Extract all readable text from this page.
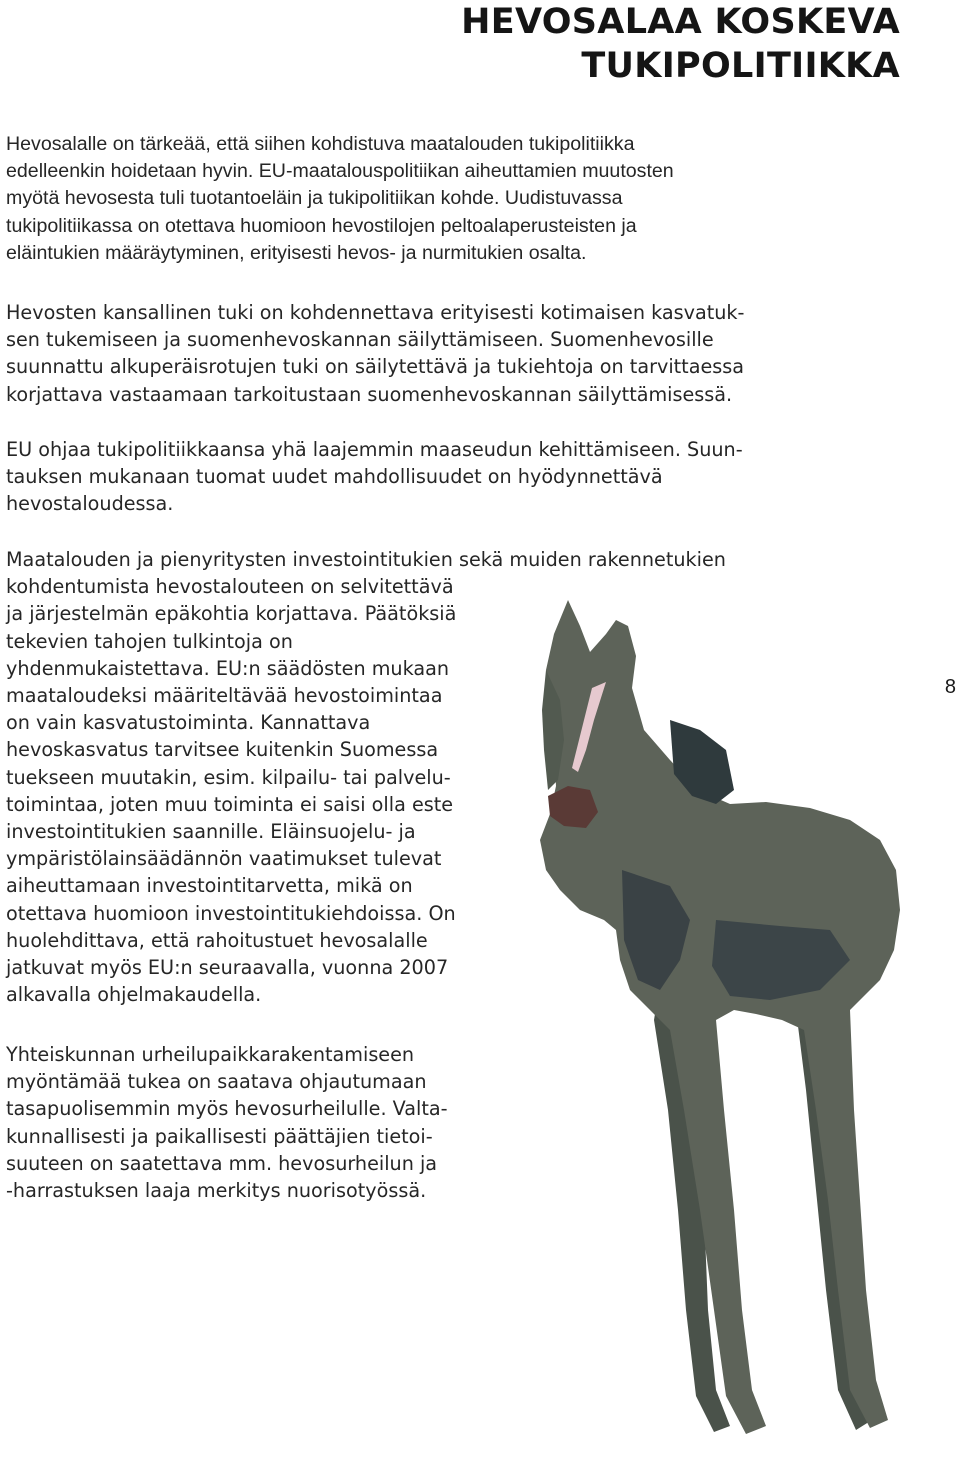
HEVOSALAA KOSKEVA
TUKIPOLITIIKKA
Hevosalalle on tärkeää, että siihen kohdistuva maatalouden tukipolitiikka
edelleenkin hoidetaan hyvin. EU-maatalouspolitiikan aiheuttamien muutosten
myötä hevosesta tuli tuotantoeläin ja tukipolitiikan kohde. Uudistuvassa
tukipolitiikassa on otettava huomioon hevostilojen peltoalaperusteisten ja
eläintukien määräytyminen, erityisesti hevos- ja nurmitukien osalta.
Hevosten kansallinen tuki on kohdennettava erityisesti kotimaisen kasvatuk-
sen tukemiseen ja suomenhevoskannan säilyttämiseen. Suomenhevosille
suunnattu alkuperäisrotujen tuki on säilytettävä ja tukiehtoja on tarvittaessa
korjattava vastaamaan tarkoitustaan suomenhevoskannan säilyttämisessä.
EU ohjaa tukipolitiikkaansa yhä laajemmin maaseudun kehittämiseen. Suun-
tauksen mukanaan tuomat uudet mahdollisuudet on hyödynnettävä
hevostaloudessa.
Maatalouden ja pienyritysten investointitukien sekä muiden rakennetukien
kohdentumista hevostalouteen on selvitettävä
ja järjestelmän epäkohtia korjattava. Päätöksiä
tekevien tahojen tulkintoja on
yhdenmukaistettava. EU:n säädösten mukaan
maataloudeksi määriteltävää hevostoimintaa
on vain kasvatustoiminta. Kannattava
hevoskasvatus tarvitsee kuitenkin Suomessa
tuekseen muutakin, esim. kilpailu- tai palvelu-
toimintaa, joten muu toiminta ei saisi olla este
investointitukien saannille. Eläinsuojelu- ja
ympäristölainsäädännön vaatimukset tulevat
aiheuttamaan investointitarvetta, mikä on
otettava huomioon investointitukiehdoissa. On
huolehdittava, että rahoitustuet hevosalalle
jatkuvat myös EU:n seuraavalla, vuonna 2007
alkavalla ohjelmakaudella.
Yhteiskunnan urheilupaikkarakentamiseen
myöntämää tukea on saatava ohjautumaan
tasapuolisemmin myös hevosurheilulle. Valta-
kunnallisesti ja paikallisesti päättäjien tietoi-
suuteen on saatettava mm. hevosurheilun ja
-harrastuksen laaja merkitys nuorisotyössä.
8
